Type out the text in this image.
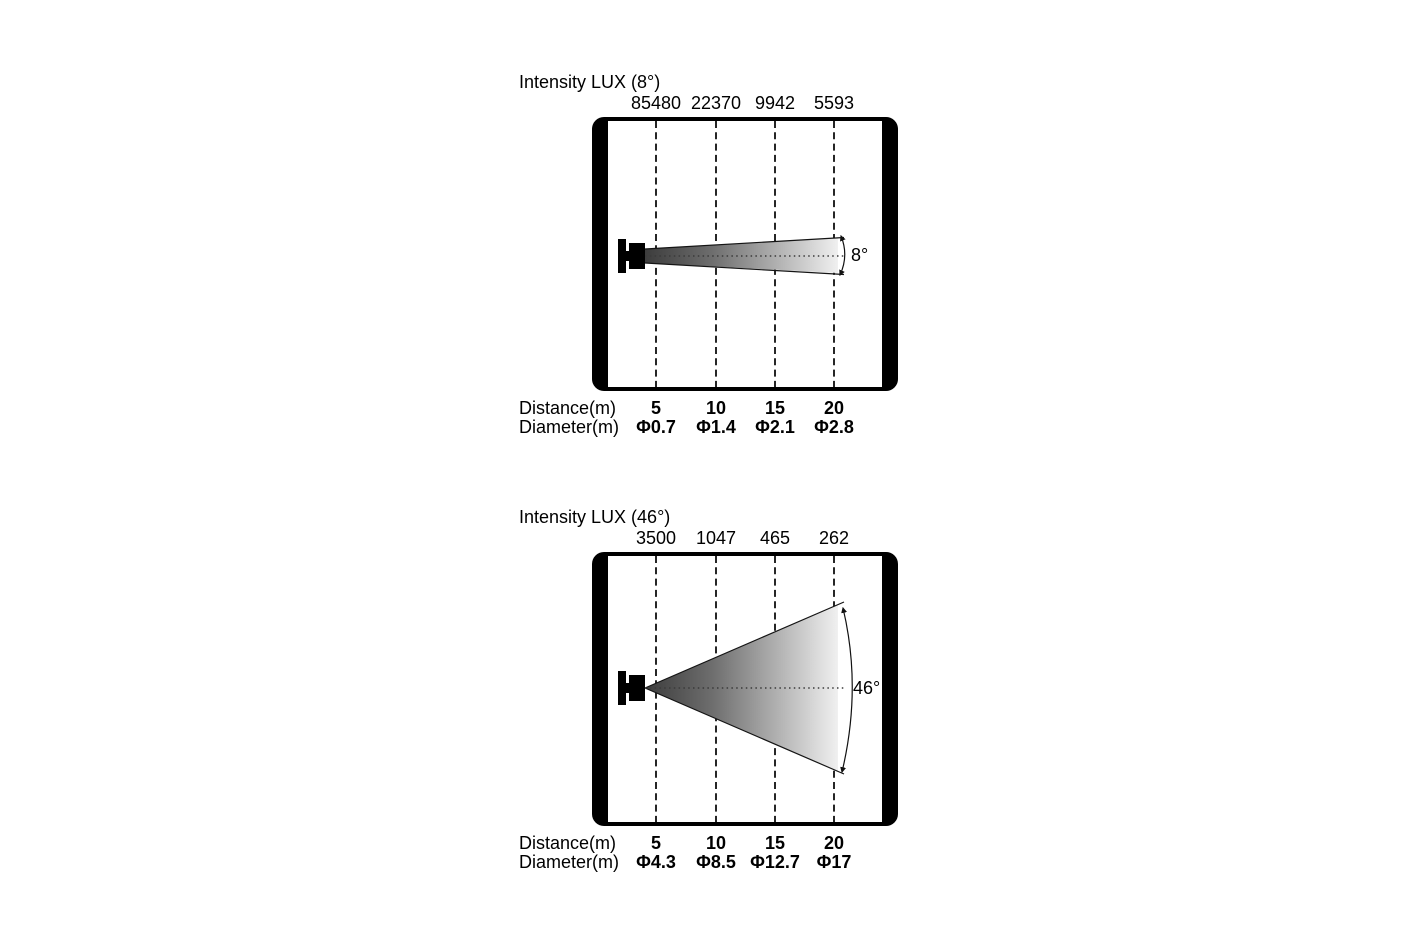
Intensity LUX (8°)
85480 22370 9942	5593
8°
Distance(m)	5	10	15	20
Diameter(m) Φ0.7	Φ1.4	Φ2.1	Φ2.8
Intensity LUX (46°)
3500	1047	465	262
46°
Distance(m)	5	10	15	20
Diameter(m) Φ4.3	Φ8.5 Φ12.7 Φ17
